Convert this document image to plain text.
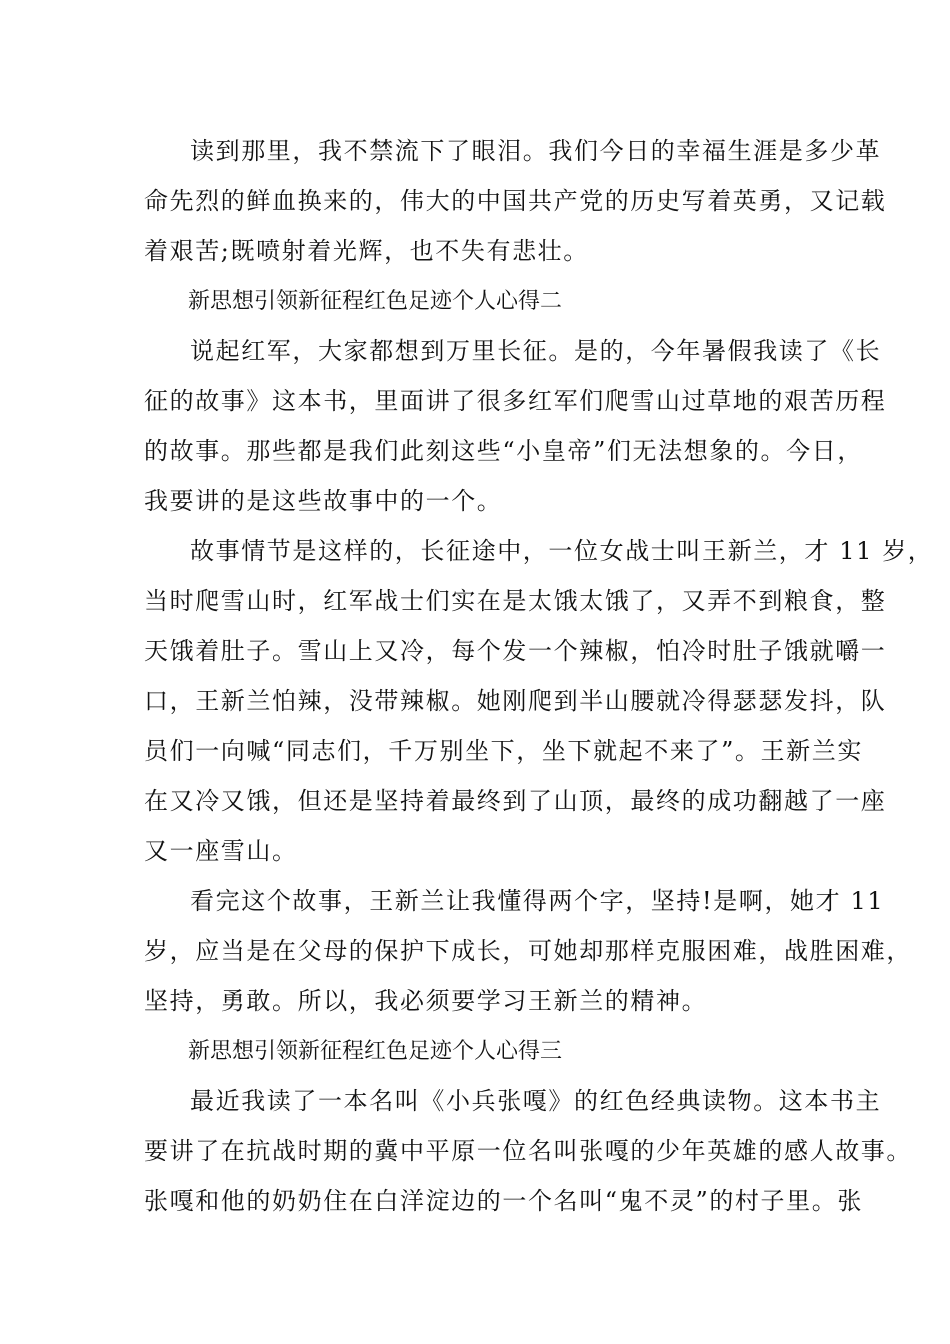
读到那里，我不禁流下了眼泪。我们今日的幸福生涯是多少革

命先烈的鲜血换来的，伟大的中国共产党的历史写着英勇，又记载

着艰苦;既喷射着光辉，也不失有悲壮。

新思想引领新征程红色足迹个人心得二

说起红军，大家都想到万里长征。是的，今年暑假我读了《长

征的故事》这本书，里面讲了很多红军们爬雪山过草地的艰苦历程

的故事。那些都是我们此刻这些“小皇帝”们无法想象的。今日，

我要讲的是这些故事中的一个。

故事情节是这样的，长征途中，一位女战士叫王新兰，才 11 岁，

当时爬雪山时，红军战士们实在是太饿太饿了，又弄不到粮食，整

天饿着肚子。雪山上又冷，每个发一个辣椒，怕冷时肚子饿就嚼一

口，王新兰怕辣，没带辣椒。她刚爬到半山腰就冷得瑟瑟发抖，队

员们一向喊“同志们，千万别坐下，坐下就起不来了”。王新兰实

在又冷又饿，但还是坚持着最终到了山顶，最终的成功翻越了一座

又一座雪山。

看完这个故事，王新兰让我懂得两个字，坚持!是啊，她才 11

岁，应当是在父母的保护下成长，可她却那样克服困难，战胜困难，

坚持，勇敢。所以，我必须要学习王新兰的精神。

新思想引领新征程红色足迹个人心得三

最近我读了一本名叫《小兵张嘎》的红色经典读物。这本书主

要讲了在抗战时期的冀中平原一位名叫张嘎的少年英雄的感人故事。

张嘎和他的奶奶住在白洋淀边的一个名叫“鬼不灵”的村子里。张
